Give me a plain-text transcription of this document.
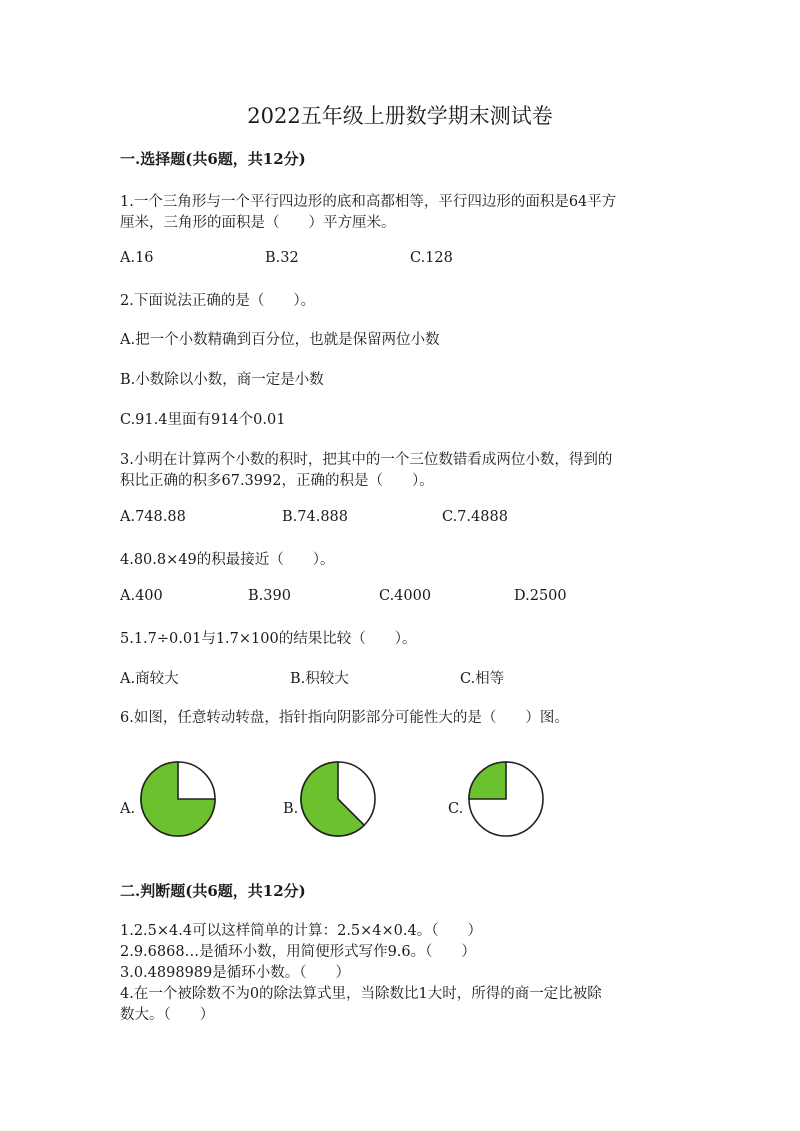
2022五年级上册数学期末测试卷
一.选择题(共6题，共12分)
1.一个三角形与一个平行四边形的底和高都相等，平行四边形的面积是64平方
厘米，三角形的面积是（　　）平方厘米。
A.16	B.32	C.128
2.下面说法正确的是（　　）。
A.把一个小数精确到百分位，也就是保留两位小数
B.小数除以小数，商一定是小数
C.91.4里面有914个0.01
3.小明在计算两个小数的积时，把其中的一个三位数错看成两位小数，得到的
积比正确的积多67.3992，正确的积是（　　）。
A.748.88	B.74.888	C.7.4888
4.80.8×49的积最接近（　　）。
A.400	B.390	C.4000	D.2500
5.1.7÷0.01与1.7×100的结果比较（　　）。
A.商较大	B.积较大	C.相等
6.如图，任意转动转盘，指针指向阴影部分可能性大的是（　　）图。
A.	B.	C.
二.判断题(共6题，共12分)
1.2.5×4.4可以这样简单的计算：2.5×4×0.4。（　　）
2.9.6868…是循环小数，用简便形式写作9.6。（　　）
3.0.4898989是循环小数。（　　）
4.在一个被除数不为0的除法算式里，当除数比1大时，所得的商一定比被除
数大。（　　）
